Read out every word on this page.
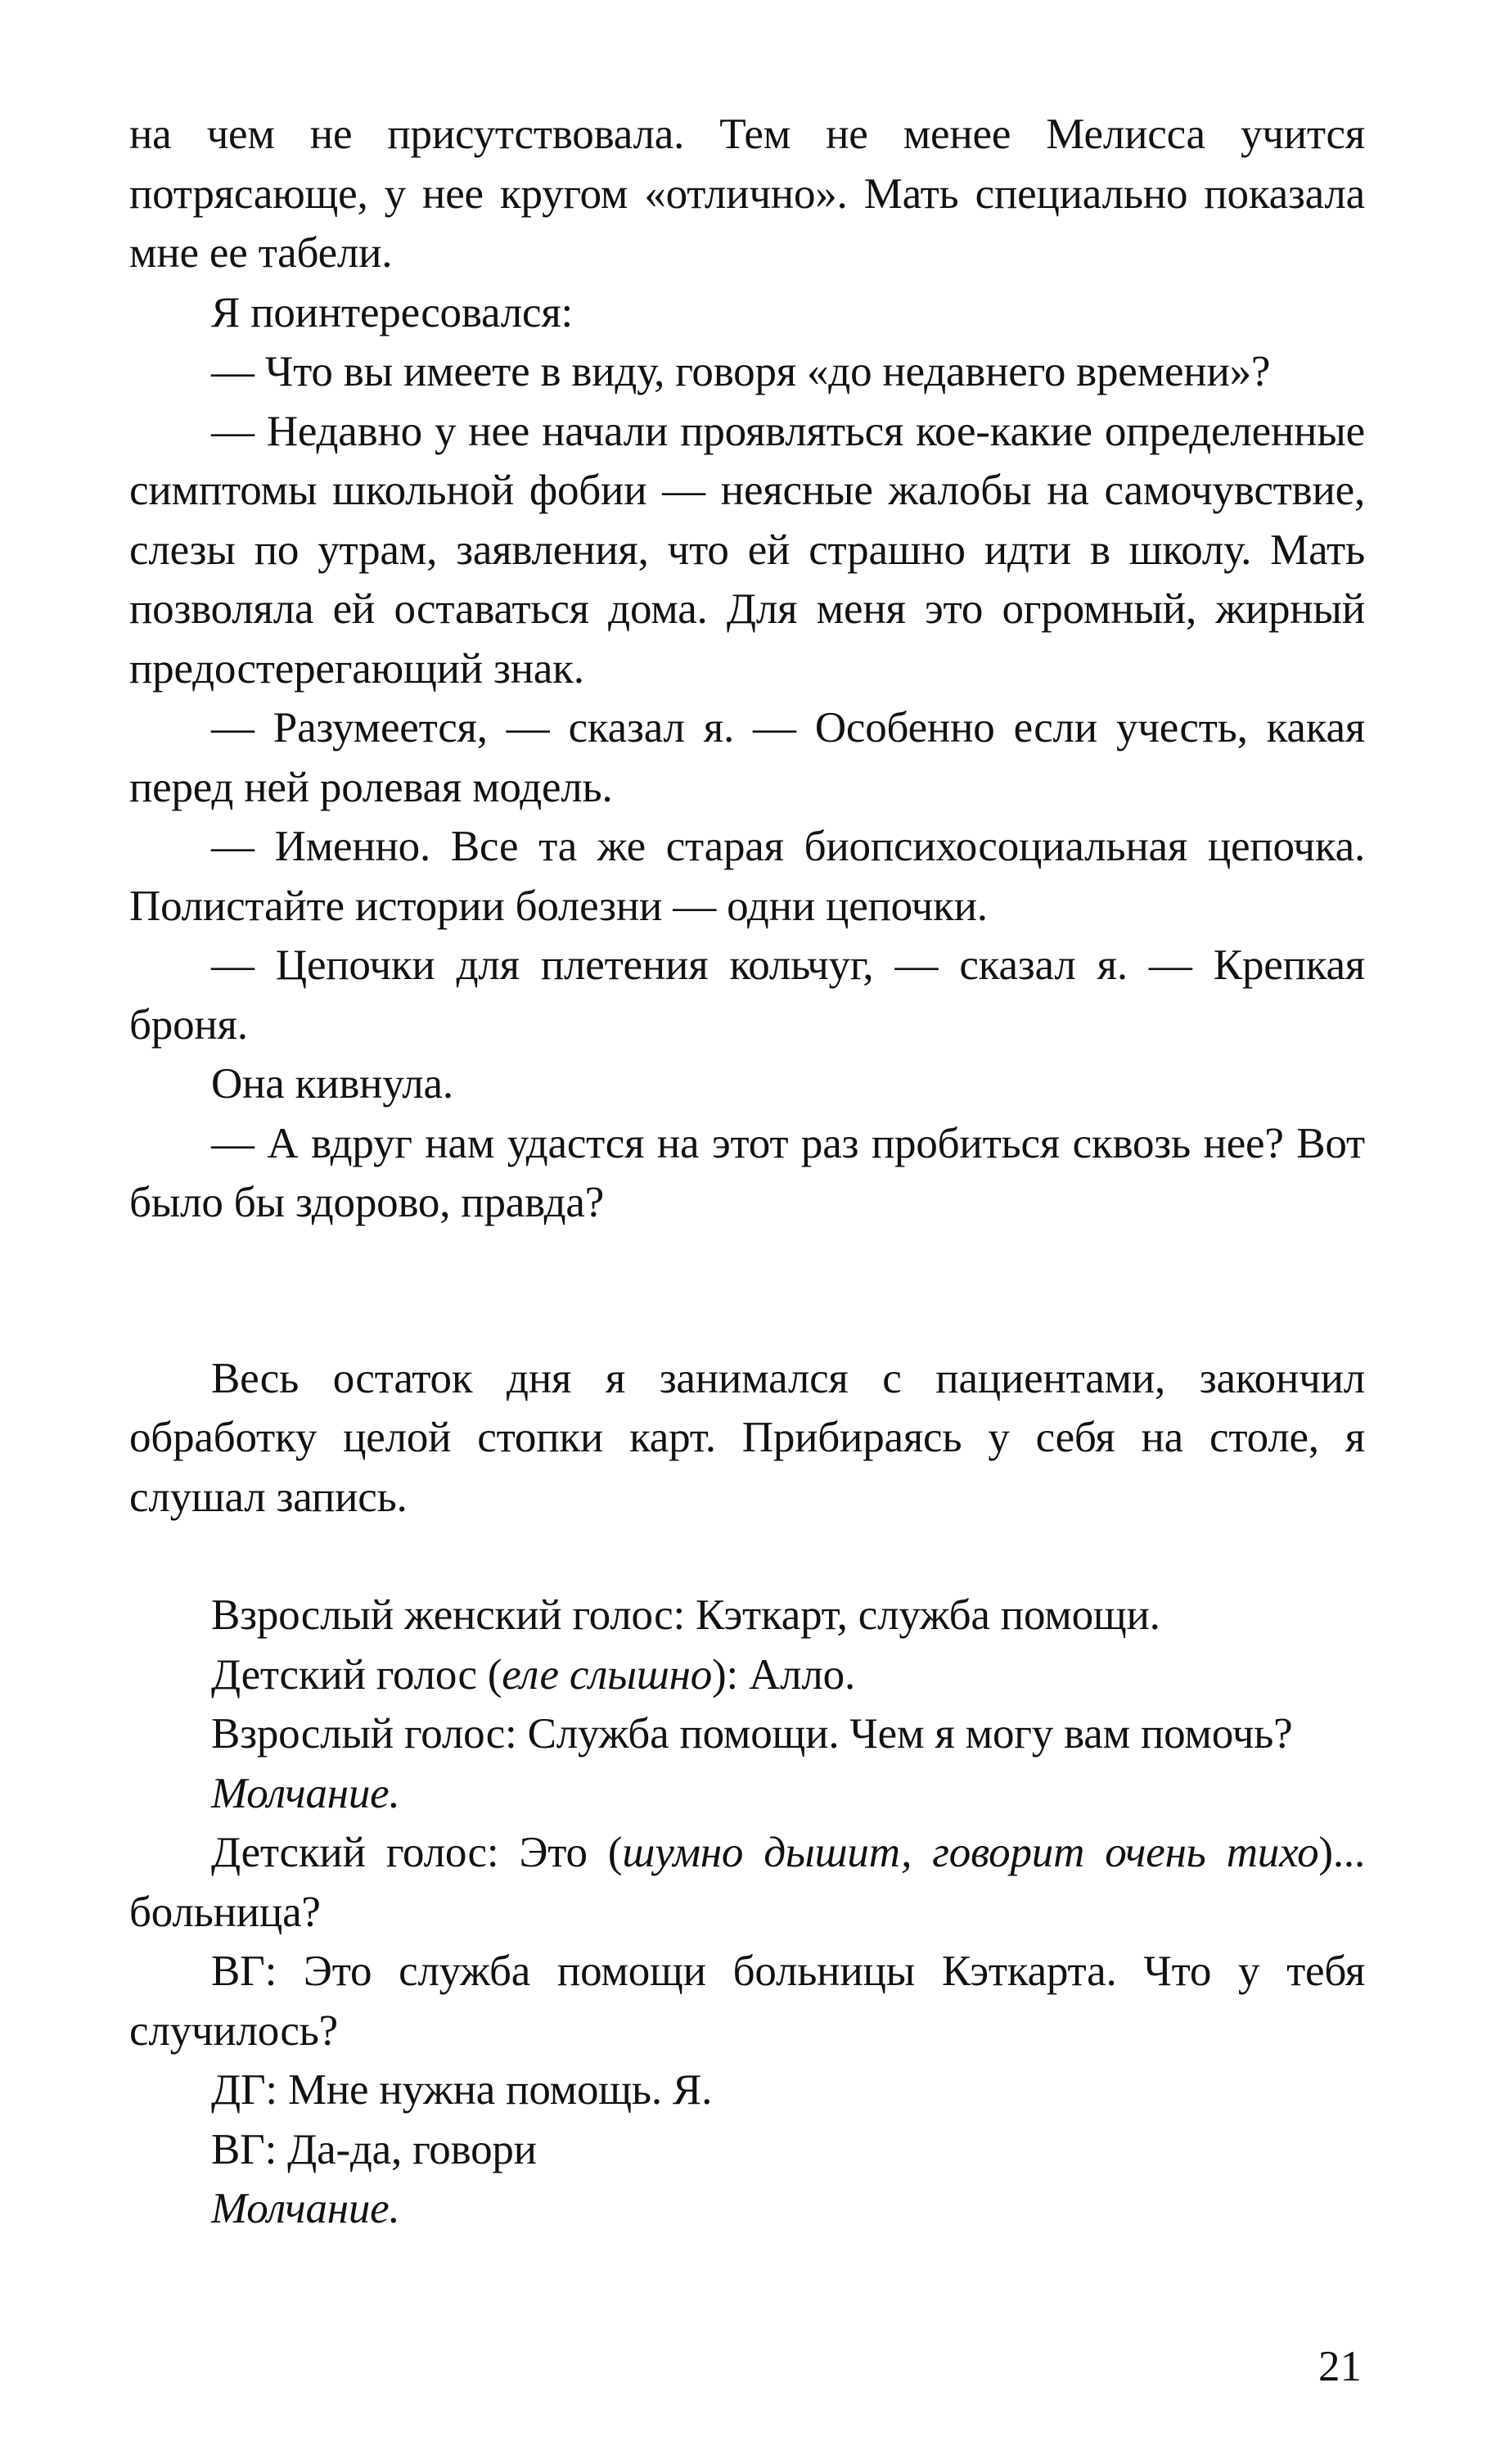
на чем не присутствовала. Тем не менее Мелисса учится потрясающе, у нее кругом «отлично». Мать специально показала мне ее табели.

Я поинтересовался:

— Что вы имеете в виду, говоря «до недавнего времени»?

— Недавно у нее начали проявляться кое-какие определенные симптомы школьной фобии — неясные жалобы на самочувствие, слезы по утрам, заявления, что ей страшно идти в школу. Мать позволяла ей оставаться дома. Для меня это огромный, жирный предостерегающий знак.

— Разумеется, — сказал я. — Особенно если учесть, какая перед ней ролевая модель.

— Именно. Все та же старая биопсихосоциальная цепочка. Полистайте истории болезни — одни цепочки.

— Цепочки для плетения кольчуг, — сказал я. — Крепкая броня.

Она кивнула.

— А вдруг нам удастся на этот раз пробиться сквозь нее? Вот было бы здорово, правда?

Весь остаток дня я занимался с пациентами, закончил обработку целой стопки карт. Прибираясь у себя на столе, я слушал запись.

Взрослый женский голос: Кэткарт, служба помощи.

Детский голос (еле слышно): Алло.

Взрослый голос: Служба помощи. Чем я могу вам помочь?

Молчание.

Детский голос: Это (шумно дышит, говорит очень тихо)... больница?

ВГ: Это служба помощи больницы Кэткарта. Что у тебя случилось?

ДГ: Мне нужна помощь. Я.

ВГ: Да-да, говори

Молчание.

21
